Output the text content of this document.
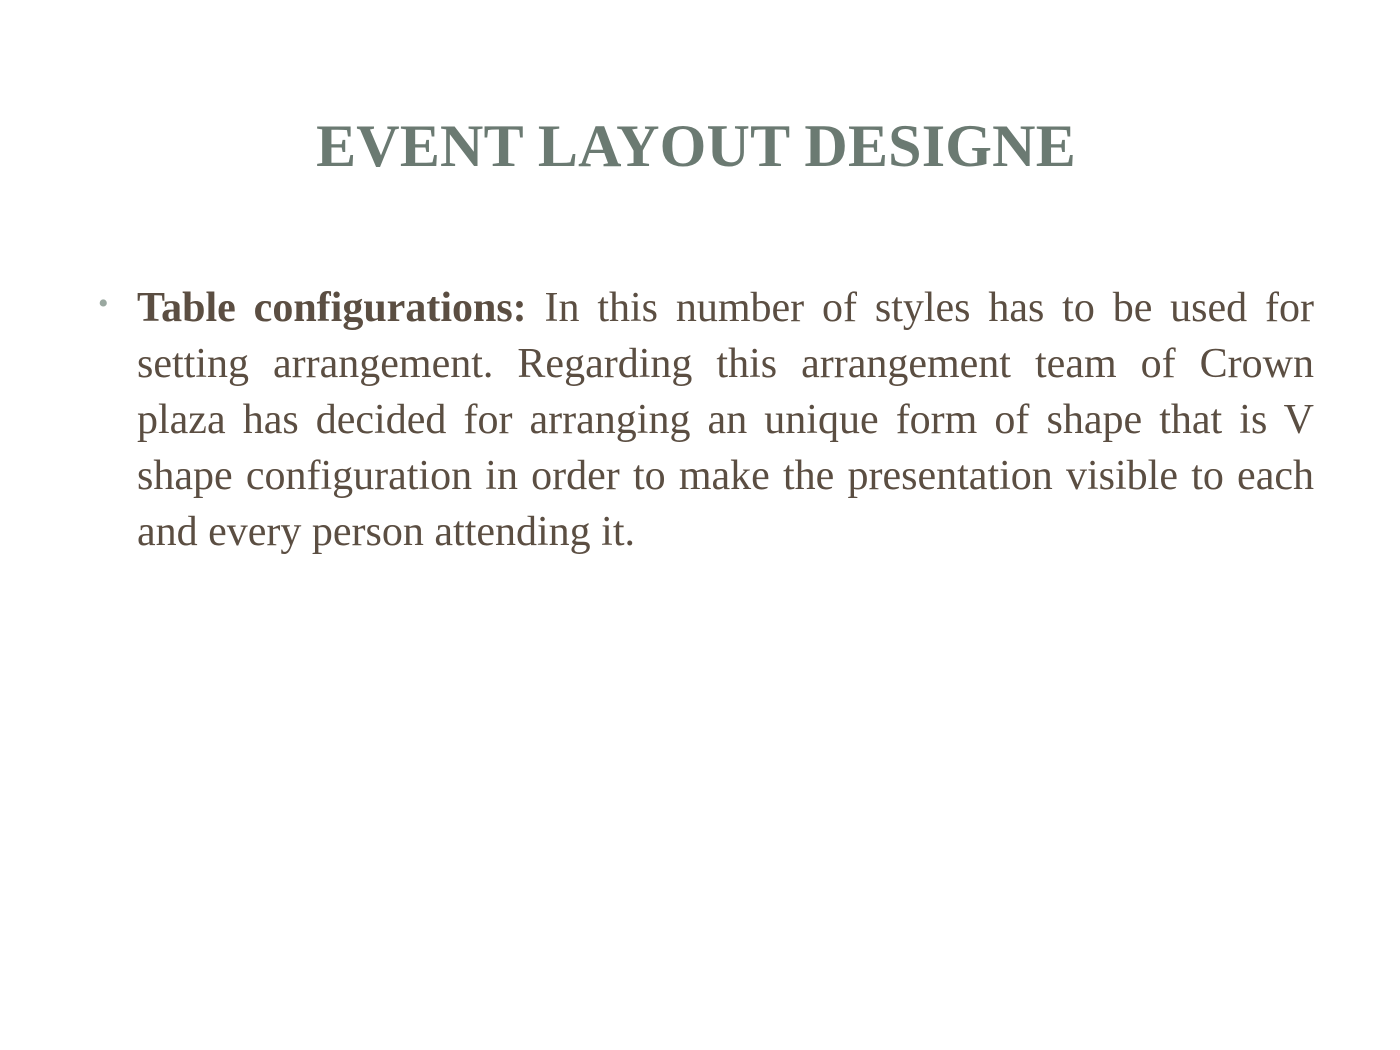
EVENT LAYOUT DESIGNE
• Table configurations: In this number of styles has to be used for setting arrangement. Regarding this arrangement team of Crown plaza has decided for arranging an unique form of shape that is V shape configuration in order to make the presentation visible to each and every person attending it.
